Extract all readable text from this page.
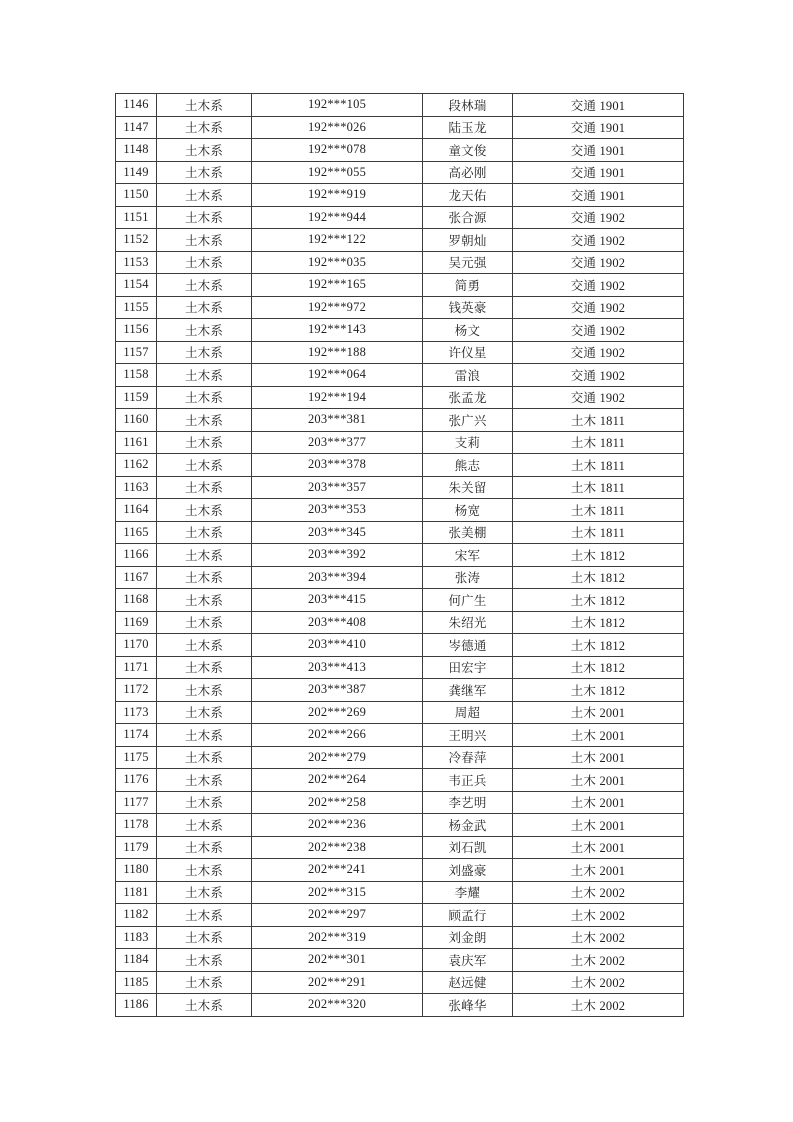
1146	土木系	192***105	段林瑞	交通 1901
1147	土木系	192***026	陆玉龙	交通 1901
1148	土木系	192***078	童文俊	交通 1901
1149	土木系	192***055	高必刚	交通 1901
1150	土木系	192***919	龙天佑	交通 1901
1151	土木系	192***944	张合源	交通 1902
1152	土木系	192***122	罗朝灿	交通 1902
1153	土木系	192***035	吴元强	交通 1902
1154	土木系	192***165	简勇	交通 1902
1155	土木系	192***972	钱英豪	交通 1902
1156	土木系	192***143	杨文	交通 1902
1157	土木系	192***188	许仪星	交通 1902
1158	土木系	192***064	雷浪	交通 1902
1159	土木系	192***194	张孟龙	交通 1902
1160	土木系	203***381	张广兴	土木 1811
1161	土木系	203***377	支莉	土木 1811
1162	土木系	203***378	熊志	土木 1811
1163	土木系	203***357	朱关留	土木 1811
1164	土木系	203***353	杨宽	土木 1811
1165	土木系	203***345	张美棚	土木 1811
1166	土木系	203***392	宋军	土木 1812
1167	土木系	203***394	张涛	土木 1812
1168	土木系	203***415	何广生	土木 1812
1169	土木系	203***408	朱绍光	土木 1812
1170	土木系	203***410	岑德通	土木 1812
1171	土木系	203***413	田宏宇	土木 1812
1172	土木系	203***387	龚继军	土木 1812
1173	土木系	202***269	周超	土木 2001
1174	土木系	202***266	王明兴	土木 2001
1175	土木系	202***279	冷春萍	土木 2001
1176	土木系	202***264	韦正兵	土木 2001
1177	土木系	202***258	李艺明	土木 2001
1178	土木系	202***236	杨金武	土木 2001
1179	土木系	202***238	刘石凯	土木 2001
1180	土木系	202***241	刘盛豪	土木 2001
1181	土木系	202***315	李耀	土木 2002
1182	土木系	202***297	顾孟行	土木 2002
1183	土木系	202***319	刘金朗	土木 2002
1184	土木系	202***301	袁庆军	土木 2002
1185	土木系	202***291	赵远健	土木 2002
1186	土木系	202***320	张峰华	土木 2002
